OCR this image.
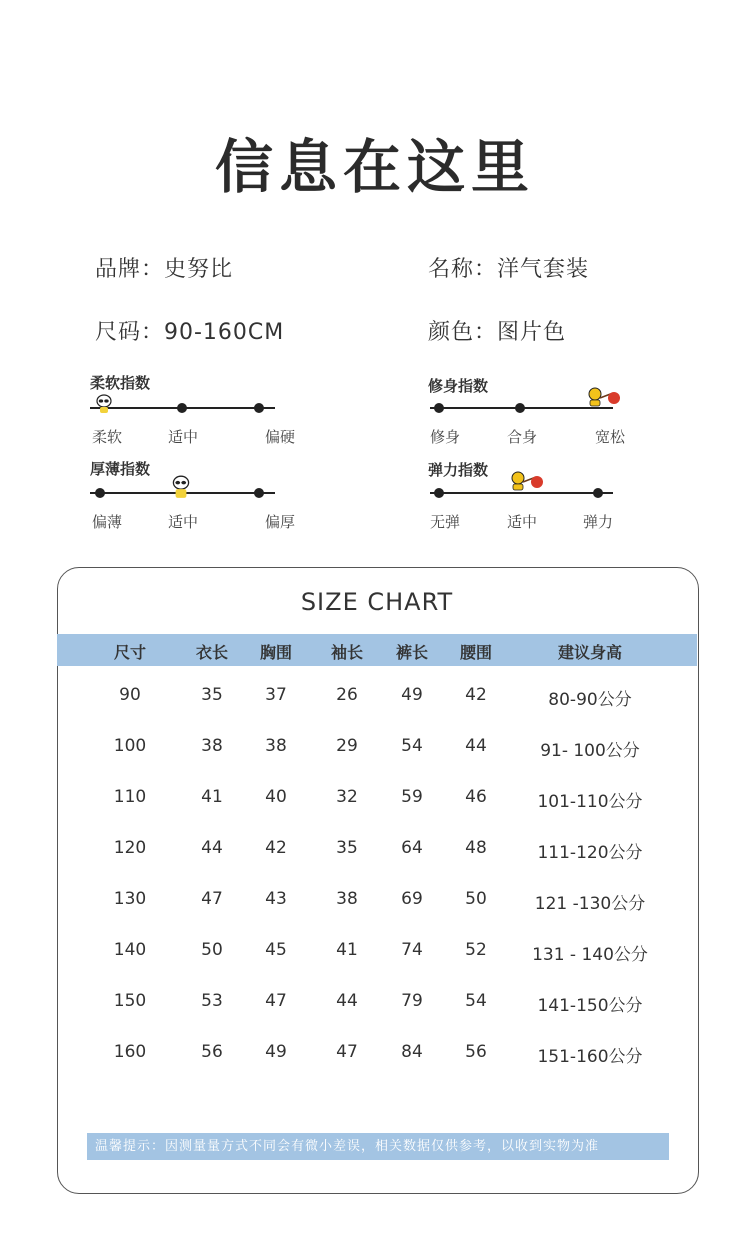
信息在这里
品牌：史努比	名称：洋气套装
尺码：90-160CM	颜色：图片色
柔软指数
柔软	适中	偏硬
修身指数
修身	合身	宽松
厚薄指数
偏薄	适中	偏厚
弹力指数
无弹	适中	弹力
SIZE CHART
尺寸	衣长 胸围 袖长 裤长 腰围	建议身高
90	35 37	26	49 42	80-90公分
100	38 38	29	54 44	91- 100公分
110	41 40	32	59 46	101-110公分
120	44 42	35	64 48	111-120公分
130	47 43	38	69 50	121 -130公分
140	50 45	41	74 52	131 - 140公分
150	53 47	44	79 54	141-150公分
160	56 49	47	84 56	151-160公分
温馨提示：因测量量方式不同会有微小差误，相关数据仅供参考，以收到实物为准
